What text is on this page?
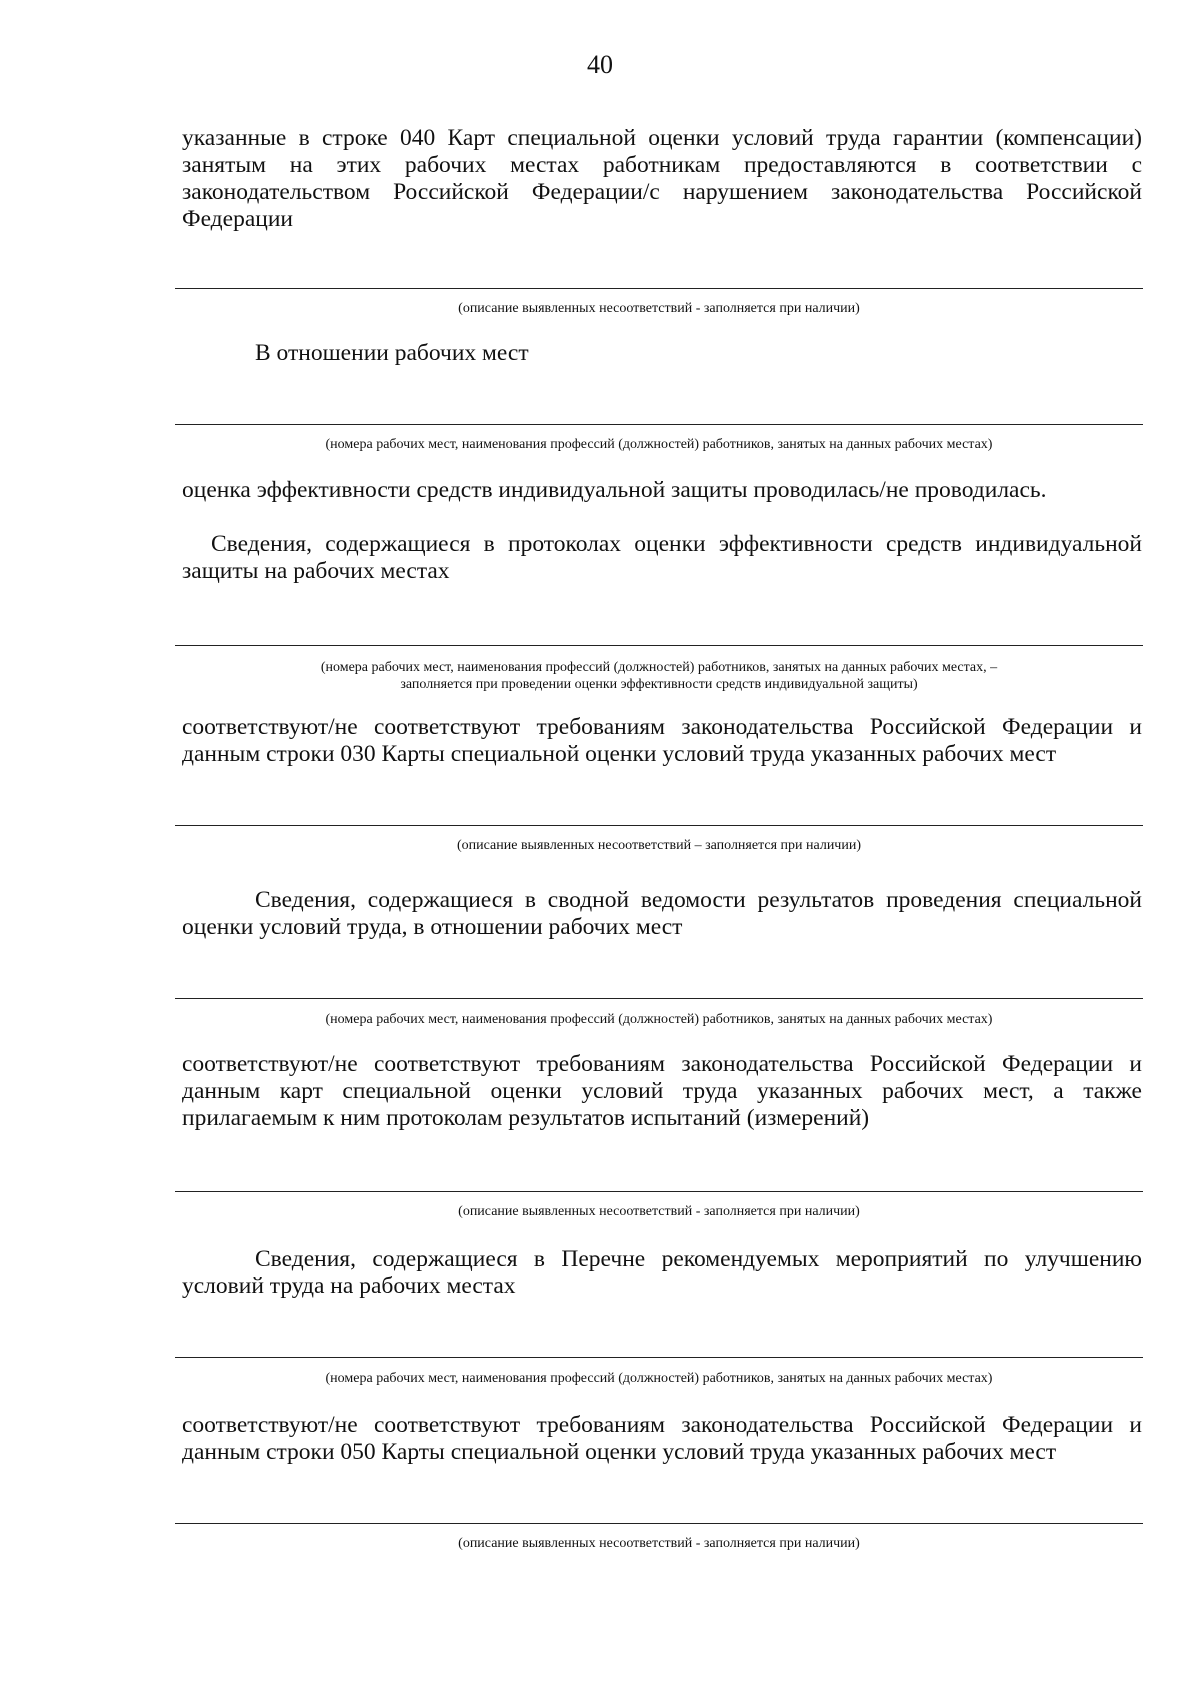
40

указанные в строке 040 Карт специальной оценки условий труда гарантии (компенсации) занятым на этих рабочих местах работникам предоставляются в соответствии с законодательством Российской Федерации/с нарушением законодательства Российской Федерации

(описание выявленных несоответствий - заполняется при наличии)

В отношении рабочих мест

(номера рабочих мест, наименования профессий (должностей) работников, занятых на данных рабочих местах)

оценка эффективности средств индивидуальной защиты проводилась/не проводилась.

Сведения, содержащиеся в протоколах оценки эффективности средств индивидуальной защиты на рабочих местах

(номера рабочих мест, наименования профессий (должностей) работников, занятых на данных рабочих местах, –
заполняется при проведении оценки эффективности средств индивидуальной защиты)

соответствуют/не соответствуют требованиям законодательства Российской Федерации и данным строки 030 Карты специальной оценки условий труда указанных рабочих мест

(описание выявленных несоответствий – заполняется при наличии)

Сведения, содержащиеся в сводной ведомости результатов проведения специальной оценки условий труда, в отношении рабочих мест

(номера рабочих мест, наименования профессий (должностей) работников, занятых на данных рабочих местах)

соответствуют/не соответствуют требованиям законодательства Российской Федерации и данным карт специальной оценки условий труда указанных рабочих мест, а также прилагаемым к ним протоколам результатов испытаний (измерений)

(описание выявленных несоответствий - заполняется при наличии)

Сведения, содержащиеся в Перечне рекомендуемых мероприятий по улучшению условий труда на рабочих местах

(номера рабочих мест, наименования профессий (должностей) работников, занятых на данных рабочих местах)

соответствуют/не соответствуют требованиям законодательства Российской Федерации и данным строки 050 Карты специальной оценки условий труда указанных рабочих мест

(описание выявленных несоответствий - заполняется при наличии)
